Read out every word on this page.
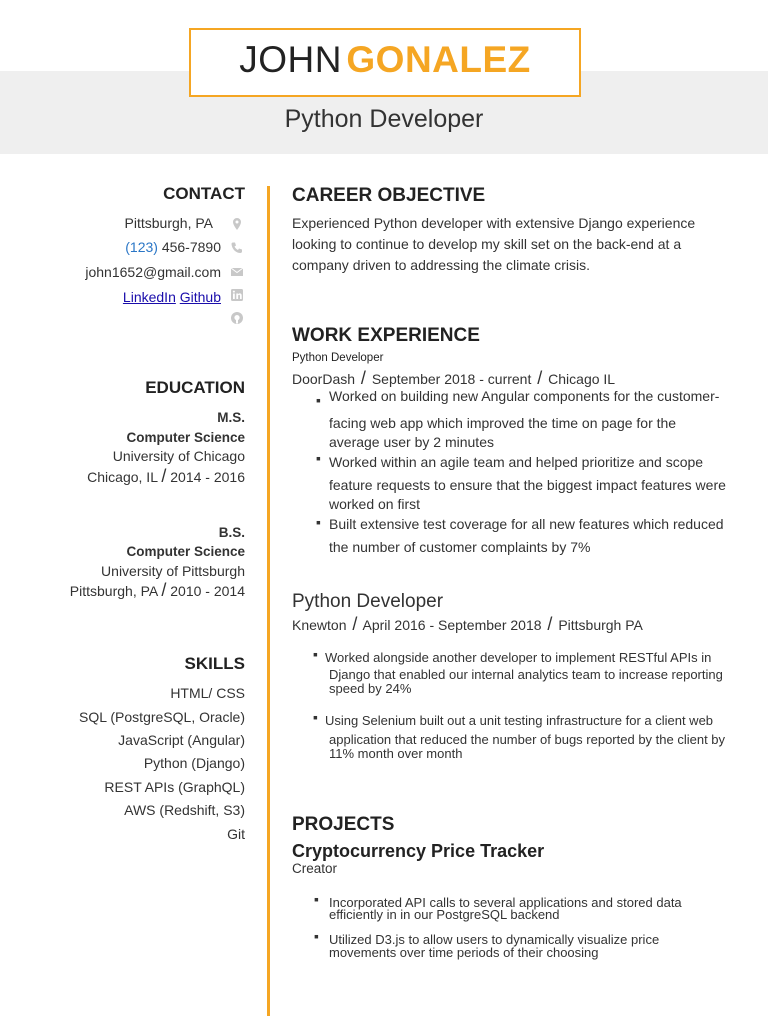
JOHN GONALEZ
Python Developer
CONTACT
Pittsburgh, PA
(123) 456-7890
john1652@gmail.com
LinkedIn Github
EDUCATION
M.S.
Computer Science
University of Chicago
Chicago, IL / 2014 - 2016
B.S.
Computer Science
University of Pittsburgh
Pittsburgh, PA / 2010 - 2014
SKILLS
HTML/ CSS
SQL (PostgreSQL, Oracle)
JavaScript (Angular)
Python (Django)
REST APIs (GraphQL)
AWS (Redshift, S3)
Git
CAREER OBJECTIVE
Experienced Python developer with extensive Django experience
looking to continue to develop my skill set on the back-end at a
company driven to addressing the climate crisis.
WORK EXPERIENCE
Python Developer
DoorDash / September 2018 - current / Chicago IL
▪ Worked on building new Angular components for the customer-
facing web app which improved the time on page for the
average user by 2 minutes
▪ Worked within an agile team and helped prioritize and scope
feature requests to ensure that the biggest impact features were
worked on first
▪ Built extensive test coverage for all new features which reduced
the number of customer complaints by 7%
Python Developer
Knewton / April 2016 - September 2018 / Pittsburgh PA
▪ Worked alongside another developer to implement RESTful APIs in
Django that enabled our internal analytics team to increase reporting
speed by 24%
▪ Using Selenium built out a unit testing infrastructure for a client web
application that reduced the number of bugs reported by the client by
11% month over month
PROJECTS
Cryptocurrency Price Tracker
Creator
▪ Incorporated API calls to several applications and stored data
efficiently in in our PostgreSQL backend
▪ Utilized D3.js to allow users to dynamically visualize price
movements over time periods of their choosing
